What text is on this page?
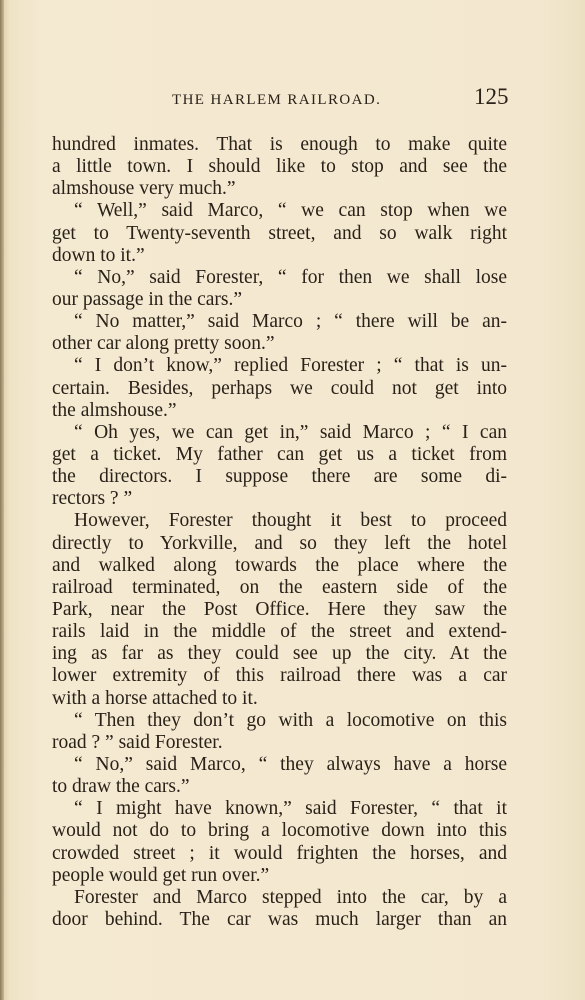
THE HARLEM RAILROAD.	125
hundred inmates. That is enough to make quite
a little town. I should like to stop and see the
almshouse very much.”
“ Well,” said Marco, “ we can stop when we
get to Twenty-seventh street, and so walk right
down to it.”
“ No,” said Forester, “ for then we shall lose
our passage in the cars.”
“ No matter,” said Marco ; “ there will be an-
other car along pretty soon.”
“ I don’t know,” replied Forester ; “ that is un-
certain. Besides, perhaps we could not get into
the almshouse.”
“ Oh yes, we can get in,” said Marco ; “ I can
get a ticket. My father can get us a ticket from
the directors. I suppose there are some di-
rectors ? ”
However, Forester thought it best to proceed
directly to Yorkville, and so they left the hotel
and walked along towards the place where the
railroad terminated, on the eastern side of the
Park, near the Post Office. Here they saw the
rails laid in the middle of the street and extend-
ing as far as they could see up the city. At the
lower extremity of this railroad there was a car
with a horse attached to it.
“ Then they don’t go with a locomotive on this
road ? ” said Forester.
“ No,” said Marco, “ they always have a horse
to draw the cars.”
“ I might have known,” said Forester, “ that it
would not do to bring a locomotive down into this
crowded street ; it would frighten the horses, and
people would get run over.”
Forester and Marco stepped into the car, by a
door behind. The car was much larger than an
